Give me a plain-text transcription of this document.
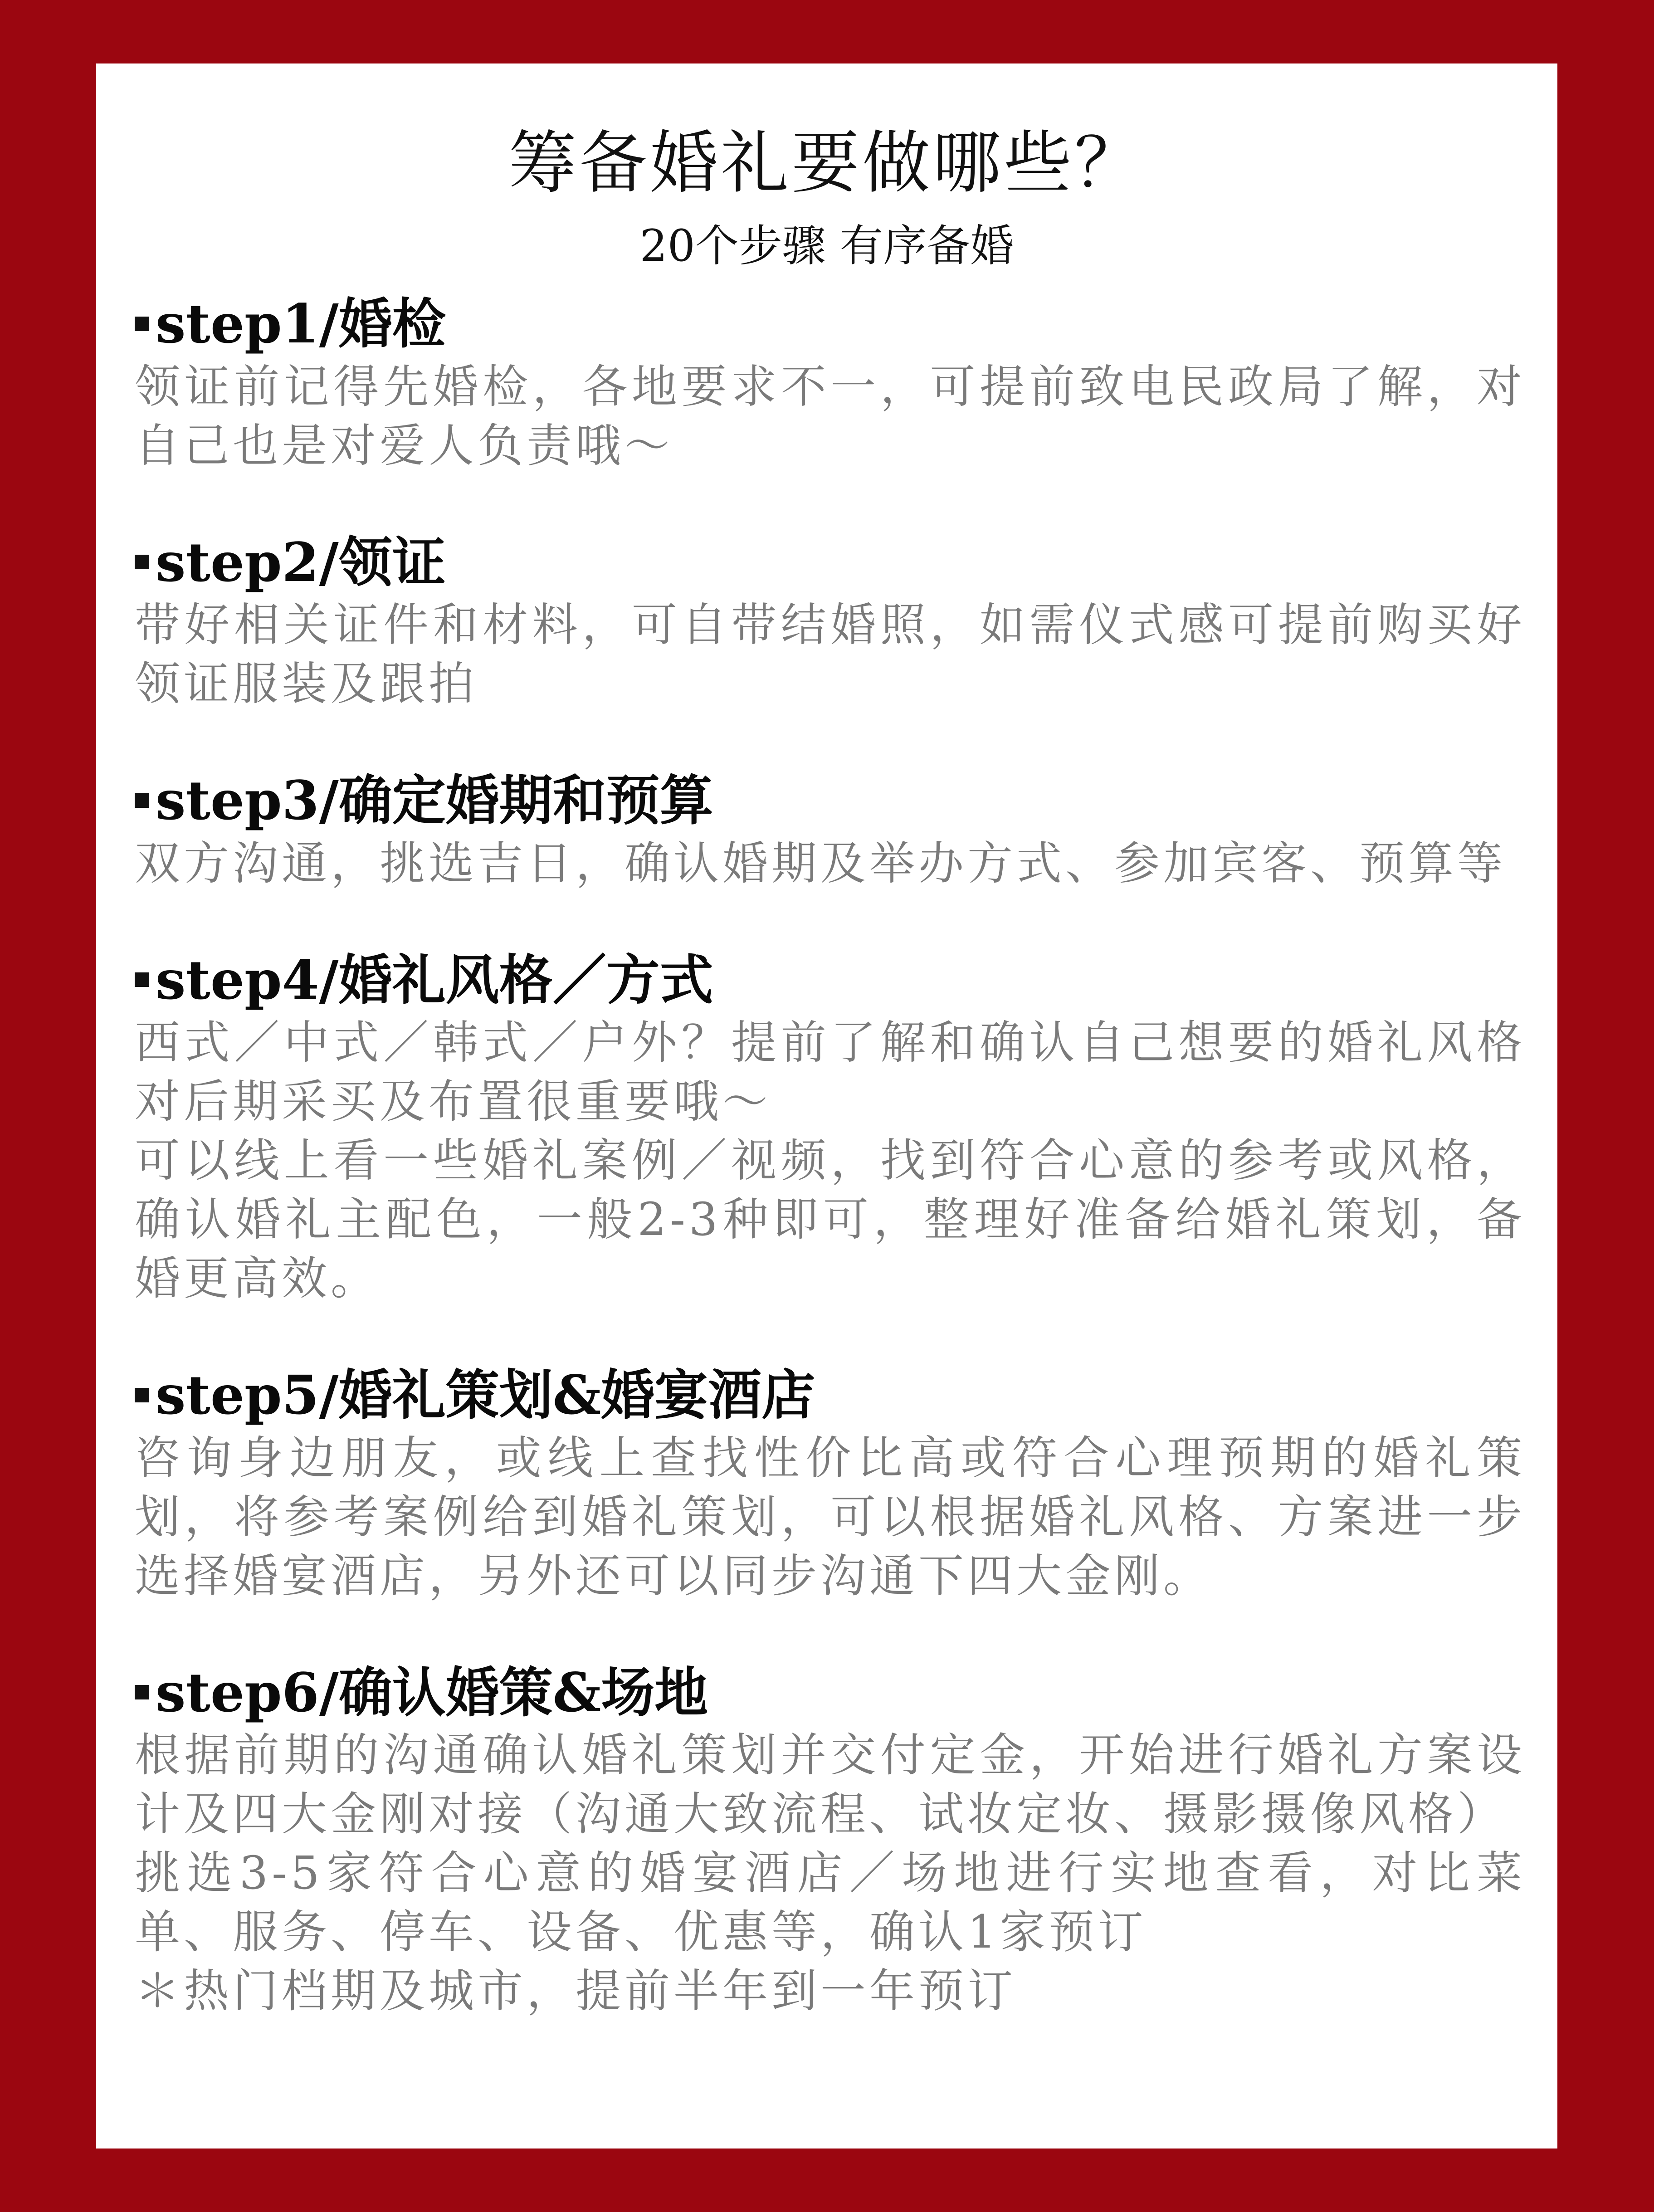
筹备婚礼要做哪些？
20个步骤 有序备婚
step1/婚检

领证前记得先婚检，各地要求不一，可提前致电民政局了解，对自己也是对爱人负责哦～

step2/领证

带好相关证件和材料，可自带结婚照，如需仪式感可提前购买好领证服装及跟拍

step3/确定婚期和预算

双方沟通，挑选吉日，确认婚期及举办方式、参加宾客、预算等

step4/婚礼风格／方式

西式／中式／韩式／户外？提前了解和确认自己想要的婚礼风格对后期采买及布置很重要哦～

可以线上看一些婚礼案例／视频，找到符合心意的参考或风格，确认婚礼主配色，一般2-3种即可，整理好准备给婚礼策划，备婚更高效。

step5/婚礼策划&婚宴酒店

咨询身边朋友，或线上查找性价比高或符合心理预期的婚礼策划，将参考案例给到婚礼策划，可以根据婚礼风格、方案进一步选择婚宴酒店，另外还可以同步沟通下四大金刚。

step6/确认婚策&场地

根据前期的沟通确认婚礼策划并交付定金，开始进行婚礼方案设计及四大金刚对接（沟通大致流程、试妆定妆、摄影摄像风格）

挑选3-5家符合心意的婚宴酒店／场地进行实地查看，对比菜单、服务、停车、设备、优惠等，确认1家预订

＊热门档期及城市，提前半年到一年预订
